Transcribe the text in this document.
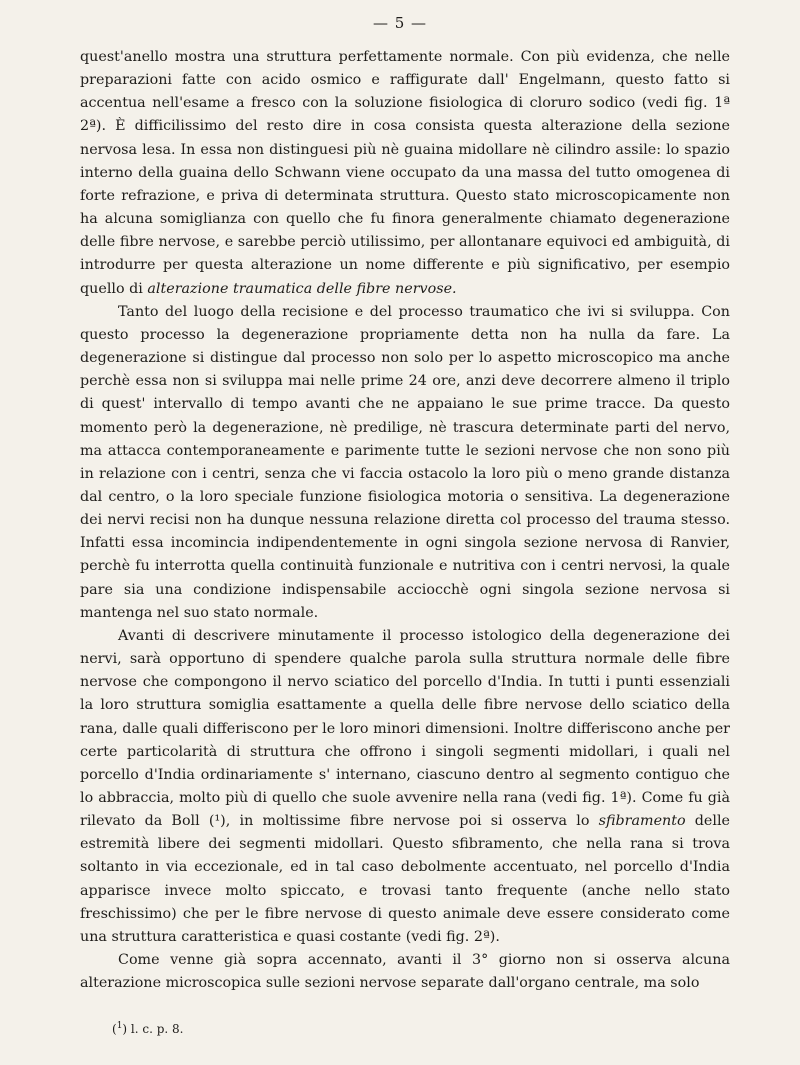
— 5 —

quest'anello mostra una struttura perfettamente normale. Con più evidenza, che nelle preparazioni fatte con acido osmico e raffigurate dall' Engelmann, questo fatto si accentua nell'esame a fresco con la soluzione fisiologica di cloruro sodico (vedi fig. 1ª 2ª). È difficilissimo del resto dire in cosa consista questa alterazione della sezione nervosa lesa. In essa non distinguesi più nè guaina midollare nè cilindro assile: lo spazio interno della guaina dello Schwann viene occupato da una massa del tutto omogenea di forte refrazione, e priva di determinata struttura. Questo stato microscopicamente non ha alcuna somiglianza con quello che fu finora generalmente chiamato degenerazione delle fibre nervose, e sarebbe perciò utilissimo, per allontanare equivoci ed ambiguità, di introdurre per questa alterazione un nome differente e più significativo, per esempio quello di alterazione traumatica delle fibre nervose.

Tanto del luogo della recisione e del processo traumatico che ivi si sviluppa. Con questo processo la degenerazione propriamente detta non ha nulla da fare. La degenerazione si distingue dal processo non solo per lo aspetto microscopico ma anche perchè essa non si sviluppa mai nelle prime 24 ore, anzi deve decorrere almeno il triplo di quest' intervallo di tempo avanti che ne appaiano le sue prime tracce. Da questo momento però la degenerazione, nè predilige, nè trascura determinate parti del nervo, ma attacca contemporaneamente e parimente tutte le sezioni nervose che non sono più in relazione con i centri, senza che vi faccia ostacolo la loro più o meno grande distanza dal centro, o la loro speciale funzione fisiologica motoria o sensitiva. La degenerazione dei nervi recisi non ha dunque nessuna relazione diretta col processo del trauma stesso. Infatti essa incomincia indipendentemente in ogni singola sezione nervosa di Ranvier, perchè fu interrotta quella continuità funzionale e nutritiva con i centri nervosi, la quale pare sia una condizione indispensabile acciocchè ogni singola sezione nervosa si mantenga nel suo stato normale.

Avanti di descrivere minutamente il processo istologico della degenerazione dei nervi, sarà opportuno di spendere qualche parola sulla struttura normale delle fibre nervose che compongono il nervo sciatico del porcello d'India. In tutti i punti essenziali la loro struttura somiglia esattamente a quella delle fibre nervose dello sciatico della rana, dalle quali differiscono per le loro minori dimensioni. Inoltre differiscono anche per certe particolarità di struttura che offrono i singoli segmenti midollari, i quali nel porcello d'India ordinariamente s' internano, ciascuno dentro al segmento contiguo che lo abbraccia, molto più di quello che suole avvenire nella rana (vedi fig. 1ª). Come fu già rilevato da Boll (¹), in moltissime fibre nervose poi si osserva lo sfibramento delle estremità libere dei segmenti midollari. Questo sfibramento, che nella rana si trova soltanto in via eccezionale, ed in tal caso debolmente accentuato, nel porcello d'India apparisce invece molto spiccato, e trovasi tanto frequente (anche nello stato freschissimo) che per le fibre nervose di questo animale deve essere considerato come una struttura caratteristica e quasi costante (vedi fig. 2ª).

Come venne già sopra accennato, avanti il 3° giorno non si osserva alcuna alterazione microscopica sulle sezioni nervose separate dall'organo centrale, ma solo

($^1$) l. c. p. 8.
